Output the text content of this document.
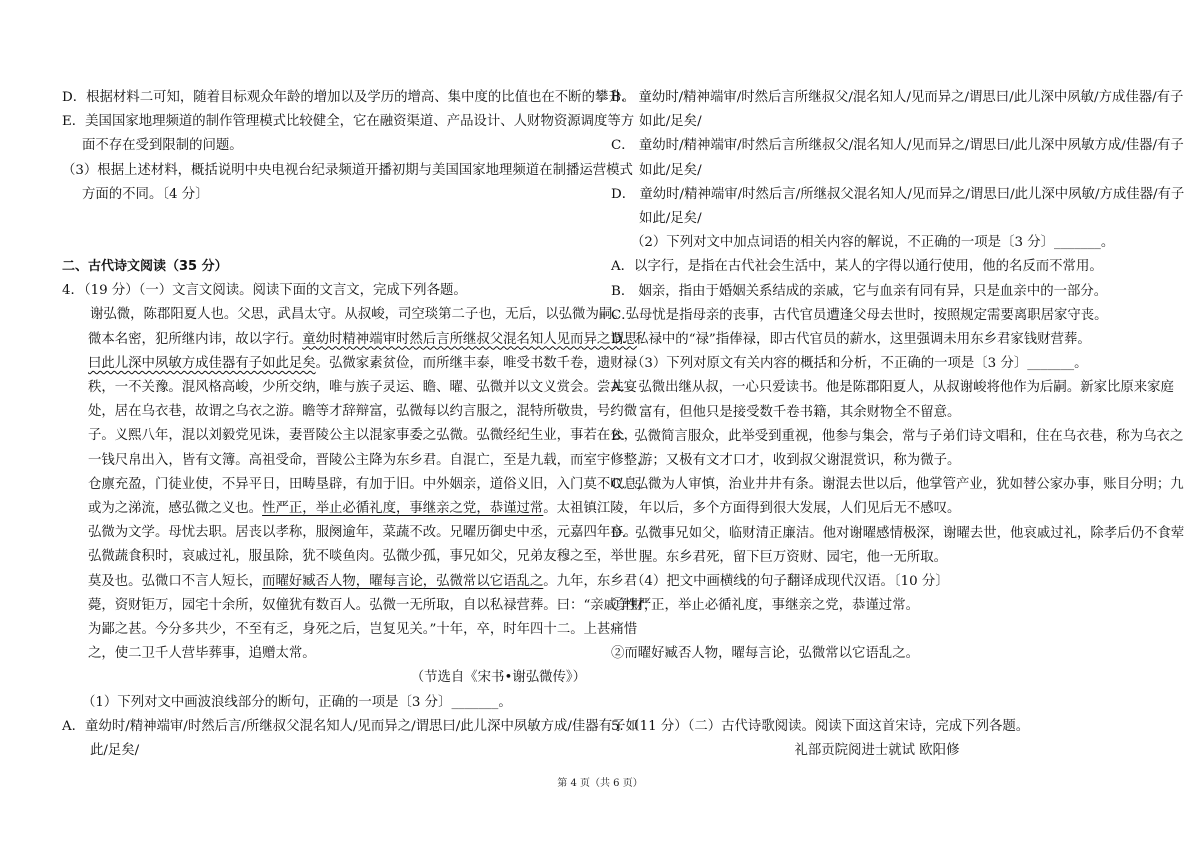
D．根据材料二可知，随着目标观众年龄的增加以及学历的增高、集中度的比值也在不断的攀升。
E．美国国家地理频道的制作管理模式比较健全，它在融资渠道、产品设计、人财物资源调度等方
面不存在受到限制的问题。
（3）根据上述材料，概括说明中央电视台纪录频道开播初期与美国国家地理频道在制播运营模式
方面的不同。〔4 分〕
二、古代诗文阅读（35 分）
4．（19 分）（一）文言文阅读。阅读下面的文言文，完成下列各题。
谢弘微，陈郡阳夏人也。父思，武昌太守。从叔峻，司空琰第二子也，无后，以弘微为嗣。弘
微本名密，犯所继内讳，故以字行。童幼时精神端审时然后言所继叔父混名知人见而异之谓思
曰此儿深中夙敏方成佳器有子如此足矣。弘微家素贫俭，而所继丰泰，唯受书数千卷，遗财禄
秩，一不关豫。混风格高峻，少所交纳，唯与族子灵运、瞻、曜、弘微并以文义赏会。尝共宴
处，居在乌衣巷，故谓之乌衣之游。瞻等才辞辩富，弘微每以约言服之，混特所敬贵，号约微
子。义熙八年，混以刘毅党见诛，妻晋陵公主以混家事委之弘微。弘微经纪生业，事若在公，
一钱尺帛出入，皆有文簿。高祖受命，晋陵公主降为东乡君。自混亡，至是九载，而室宇修整，
仓廪充盈，门徒业使，不异平日，田畴垦辟，有加于旧。中外姻亲，道俗义旧，入门莫不叹息，
或为之涕流，感弘微之义也。性严正，举止必循礼度，事继亲之党，恭谨过常。太祖镇江陵，
弘微为文学。母忧去职。居丧以孝称，服阕逾年，菜蔬不改。兄曜历御史中丞，元嘉四年卒。
弘微蔬食积时，哀戚过礼，服虽除，犹不啖鱼肉。弘微少孤，事兄如父，兄弟友穆之至，举世
莫及也。弘微口不言人短长，而曜好臧否人物，曜每言论，弘微常以它语乱之。九年，东乡君
薨，资财钜万，园宅十余所，奴僮犹有数百人。弘微一无所取，自以私禄营葬。曰：“亲戚争财，
为鄙之甚。今分多共少，不至有乏，身死之后，岂复见关。”十年，卒，时年四十二。上甚痛惜
之，使二卫千人营毕葬事，追赠太常。
（节选自《宋书•谢弘微传》）
（1）下列对文中画波浪线部分的断句，正确的一项是〔3 分〕_______。
A．童幼时/精神端审/时然后言/所继叔父混名知人/见而异之/谓思曰/此儿深中夙敏方成/佳器有子如
此/足矣/
B． 童幼时/精神端审/时然后言所继叔父/混名知人/见而异之/谓思曰/此儿深中夙敏/方成佳器/有子
如此/足矣/
C． 童幼时/精神端审/时然后言所继叔父/混名知人/见而异之/谓思曰/此儿深中夙敏方成/佳器/有子
如此/足矣/
D． 童幼时/精神端审/时然后言/所继叔父混名知人/见而异之/谓思曰/此儿深中夙敏/方成佳器/有子
如此/足矣/
（2）下列对文中加点词语的相关内容的解说，不正确的一项是〔3 分〕_______。
A．以字行，是指在古代社会生活中，某人的字得以通行使用，他的名反而不常用。
B． 姻亲，指由于婚姻关系结成的亲戚，它与血亲有同有异，只是血亲中的一部分。
C． 母忧是指母亲的丧事，古代官员遭逢父母去世时，按照规定需要离职居家守丧。
D．私禄中的“禄”指俸禄，即古代官员的薪水，这里强调未用东乡君家钱财营葬。
（3）下列对原文有关内容的概括和分析，不正确的一项是〔3 分〕_______。
A． 弘微出继从叔，一心只爱读书。他是陈郡阳夏人，从叔谢峻将他作为后嗣。新家比原来家庭
富有，但他只是接受数千卷书籍，其余财物全不留意。
B．弘微简言服众，此举受到重视，他参与集会，常与子弟们诗文唱和，住在乌衣巷，称为乌衣之
游；又极有文才口才，收到叔父谢混赏识，称为微子。
C．弘微为人审慎，治业井井有条。谢混去世以后，他掌管产业，犹如替公家办事，账目分明；九
年以后，多个方面得到很大发展，人们见后无不感叹。
D．弘微事兄如父，临财清正廉洁。他对谢曜感情极深，谢曜去世，他哀戚过礼，除孝后仍不食荤
腥。东乡君死，留下巨万资财、园宅，他一无所取。
（4）把文中画横线的句子翻译成现代汉语。〔10 分〕
①性严正，举止必循礼度，事继亲之党，恭谨过常。
②而曜好臧否人物，曜每言论，弘微常以它语乱之。
5．（11 分）（二）古代诗歌阅读。阅读下面这首宋诗，完成下列各题。
礼部贡院阅进士就试 欧阳修
第 4 页（共 6 页）
